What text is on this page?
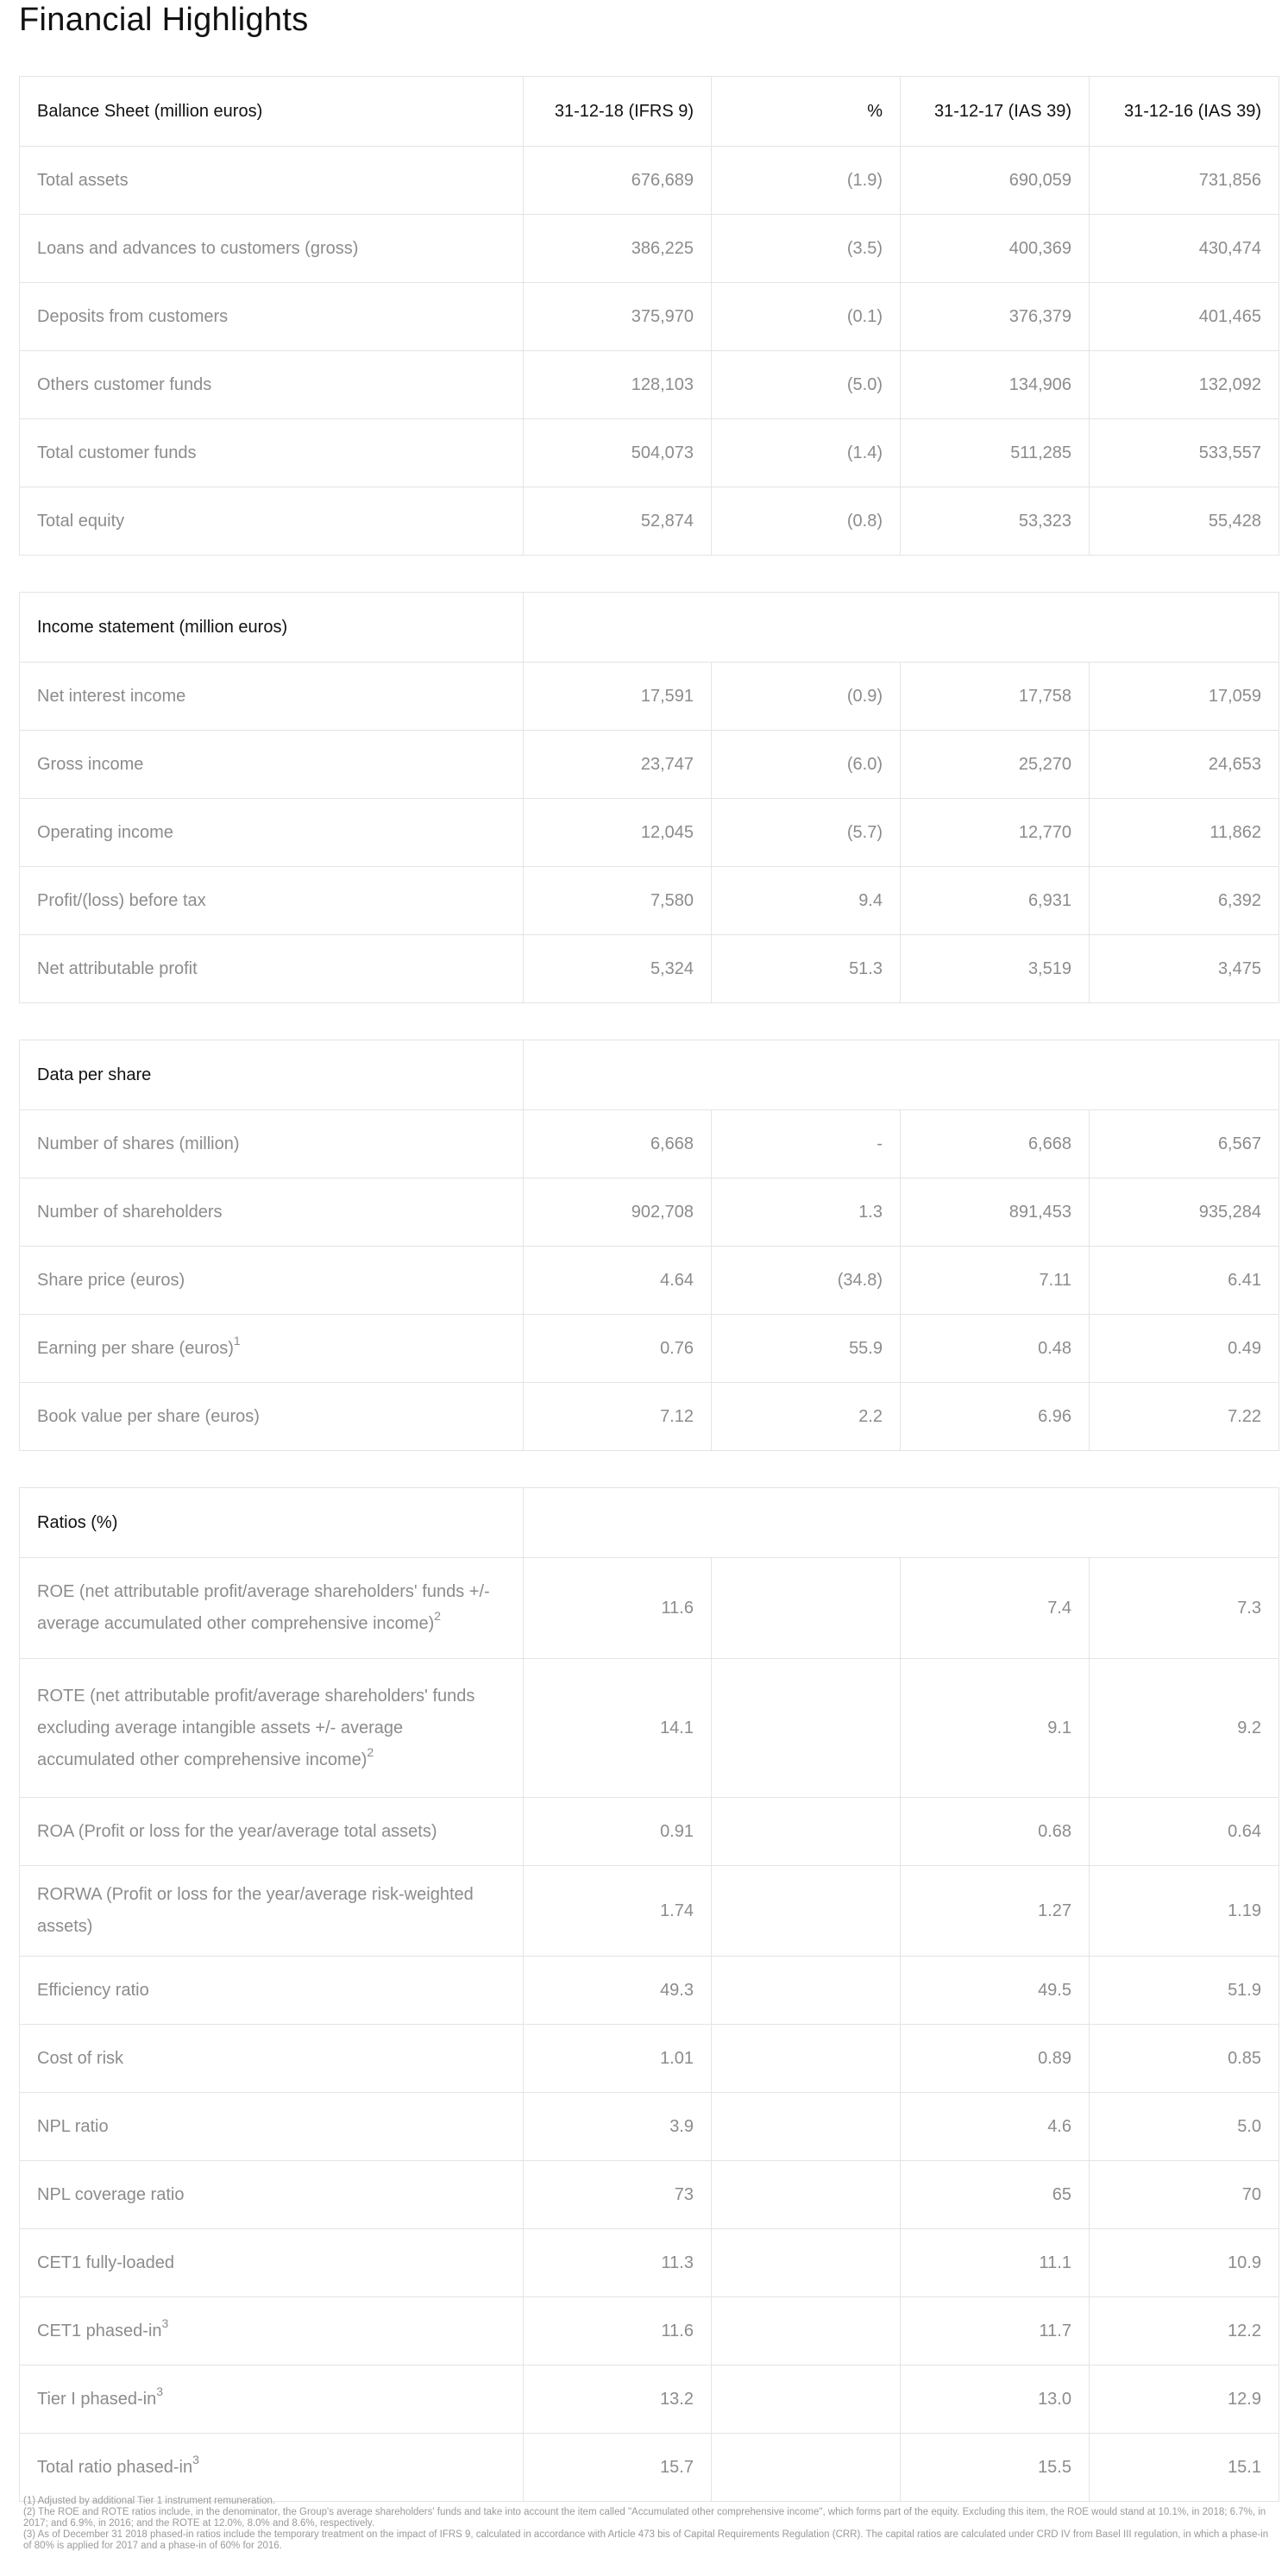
Financial Highlights
Balance Sheet (million euros)	31-12-18 (IFRS 9)	%	31-12-17 (IAS 39)	31-12-16 (IAS 39)
Total assets	676,689	(1.9)	690,059	731,856
Loans and advances to customers (gross)	386,225	(3.5)	400,369	430,474
Deposits from customers	375,970	(0.1)	376,379	401,465
Others customer funds	128,103	(5.0)	134,906	132,092
Total customer funds	504,073	(1.4)	511,285	533,557
Total equity	52,874	(0.8)	53,323	55,428
Income statement (million euros)				
Net interest income	17,591	(0.9)	17,758	17,059
Gross income	23,747	(6.0)	25,270	24,653
Operating income	12,045	(5.7)	12,770	11,862
Profit/(loss) before tax	7,580	9.4	6,931	6,392
Net attributable profit	5,324	51.3	3,519	3,475
Data per share				
Number of shares (million)	6,668	-	6,668	6,567
Number of shareholders	902,708	1.3	891,453	935,284
Share price (euros)	4.64	(34.8)	7.11	6.41
Earning per share (euros)$^1$	0.76	55.9	0.48	0.49
Book value per share (euros)	7.12	2.2	6.96	7.22
Ratios (%)				
ROE (net attributable profit/average shareholders' funds +/- average accumulated other comprehensive income)$^2$	11.6		7.4	7.3
ROTE (net attributable profit/average shareholders' funds excluding average intangible assets +/- average accumulated other comprehensive income)$^2$	14.1		9.1	9.2
ROA (Profit or loss for the year/average total assets)	0.91		0.68	0.64
RORWA (Profit or loss for the year/average risk-weighted assets)	1.74		1.27	1.19
Efficiency ratio	49.3		49.5	51.9
Cost of risk	1.01		0.89	0.85
NPL ratio	3.9		4.6	5.0
NPL coverage ratio	73		65	70
CET1 fully-loaded	11.3		11.1	10.9
CET1 phased-$in^3$	11.6		11.7	12.2
Tier I phased-$in^3$	13.2		13.0	12.9
Total ratio phased-$in^3$	15.7		15.5	15.1

(1) Adjusted by additional Tier 1 instrument remuneration.

(2) The ROE and ROTE ratios include, in the denominator, the Group's average shareholders' funds and take into account the item called "Accumulated other comprehensive income", which forms part of the equity. Excluding this item, the ROE would stand at 10.1%, in 2018; 6.7%, in 2017; and 6.9%, in 2016; and the ROTE at 12.0%, 8.0% and 8.6%, respectively.

(3) As of December 31 2018 phased-in ratios include the temporary treatment on the impact of IFRS 9, calculated in accordance with Article 473 bis of Capital Requirements Regulation (CRR). The capital ratios are calculated under CRD IV from Basel III regulation, in which a phase-in of 80% is applied for 2017 and a phase-in of 60% for 2016.
